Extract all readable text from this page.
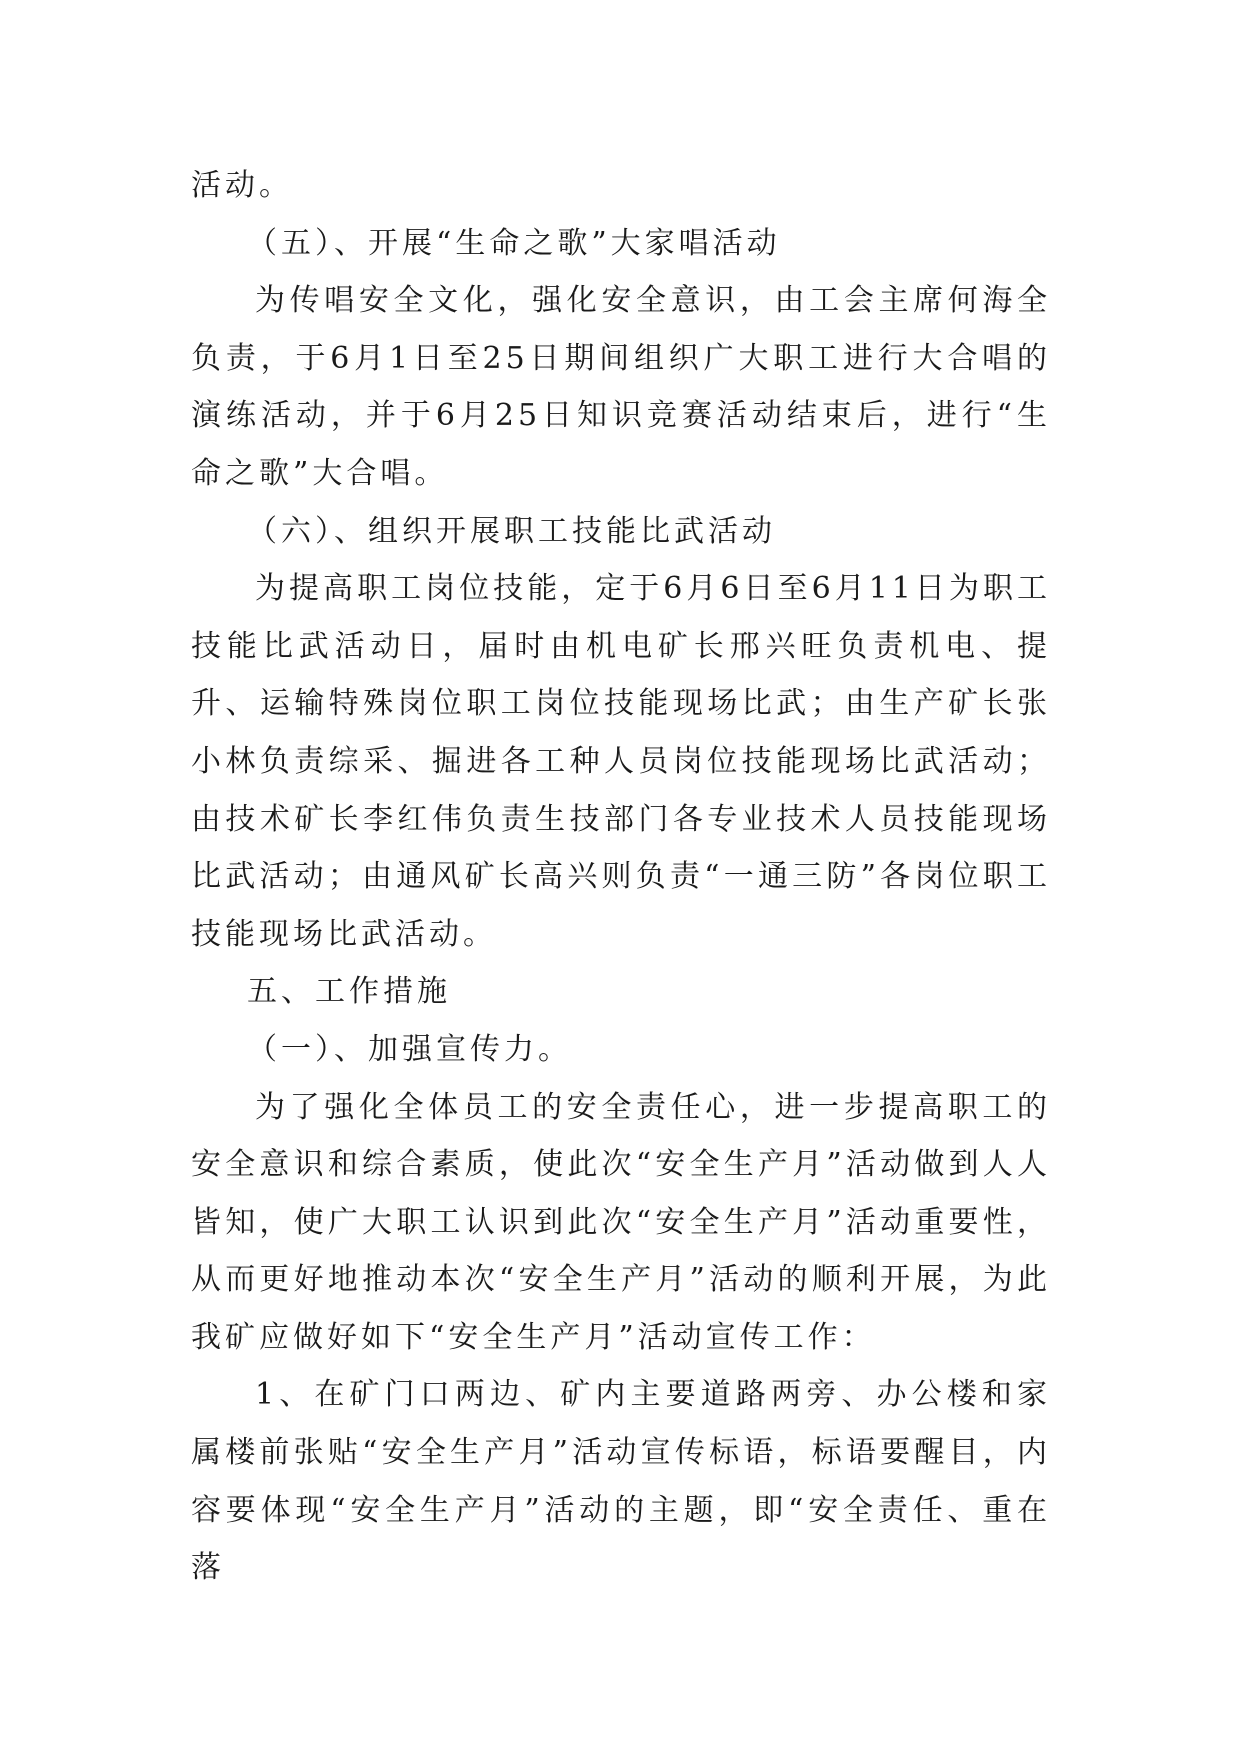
活动。

（五）、开展“生命之歌”大家唱活动

为传唱安全文化，强化安全意识，由工会主席何海全负责，于6月1日至25日期间组织广大职工进行大合唱的演练活动，并于6月25日知识竞赛活动结束后，进行“生命之歌”大合唱。

（六）、组织开展职工技能比武活动

为提高职工岗位技能，定于6月6日至6月11日为职工技能比武活动日，届时由机电矿长邢兴旺负责机电、提升、运输特殊岗位职工岗位技能现场比武；由生产矿长张小林负责综采、掘进各工种人员岗位技能现场比武活动；由技术矿长李红伟负责生技部门各专业技术人员技能现场比武活动；由通风矿长高兴则负责“一通三防”各岗位职工技能现场比武活动。

五、工作措施

（一）、加强宣传力。

为了强化全体员工的安全责任心，进一步提高职工的安全意识和综合素质，使此次“安全生产月”活动做到人人皆知，使广大职工认识到此次“安全生产月”活动重要性，从而更好地推动本次“安全生产月”活动的顺利开展，为此我矿应做好如下“安全生产月”活动宣传工作：

1、在矿门口两边、矿内主要道路两旁、办公楼和家属楼前张贴“安全生产月”活动宣传标语，标语要醒目，内容要体现“安全生产月”活动的主题，即“安全责任、重在落
